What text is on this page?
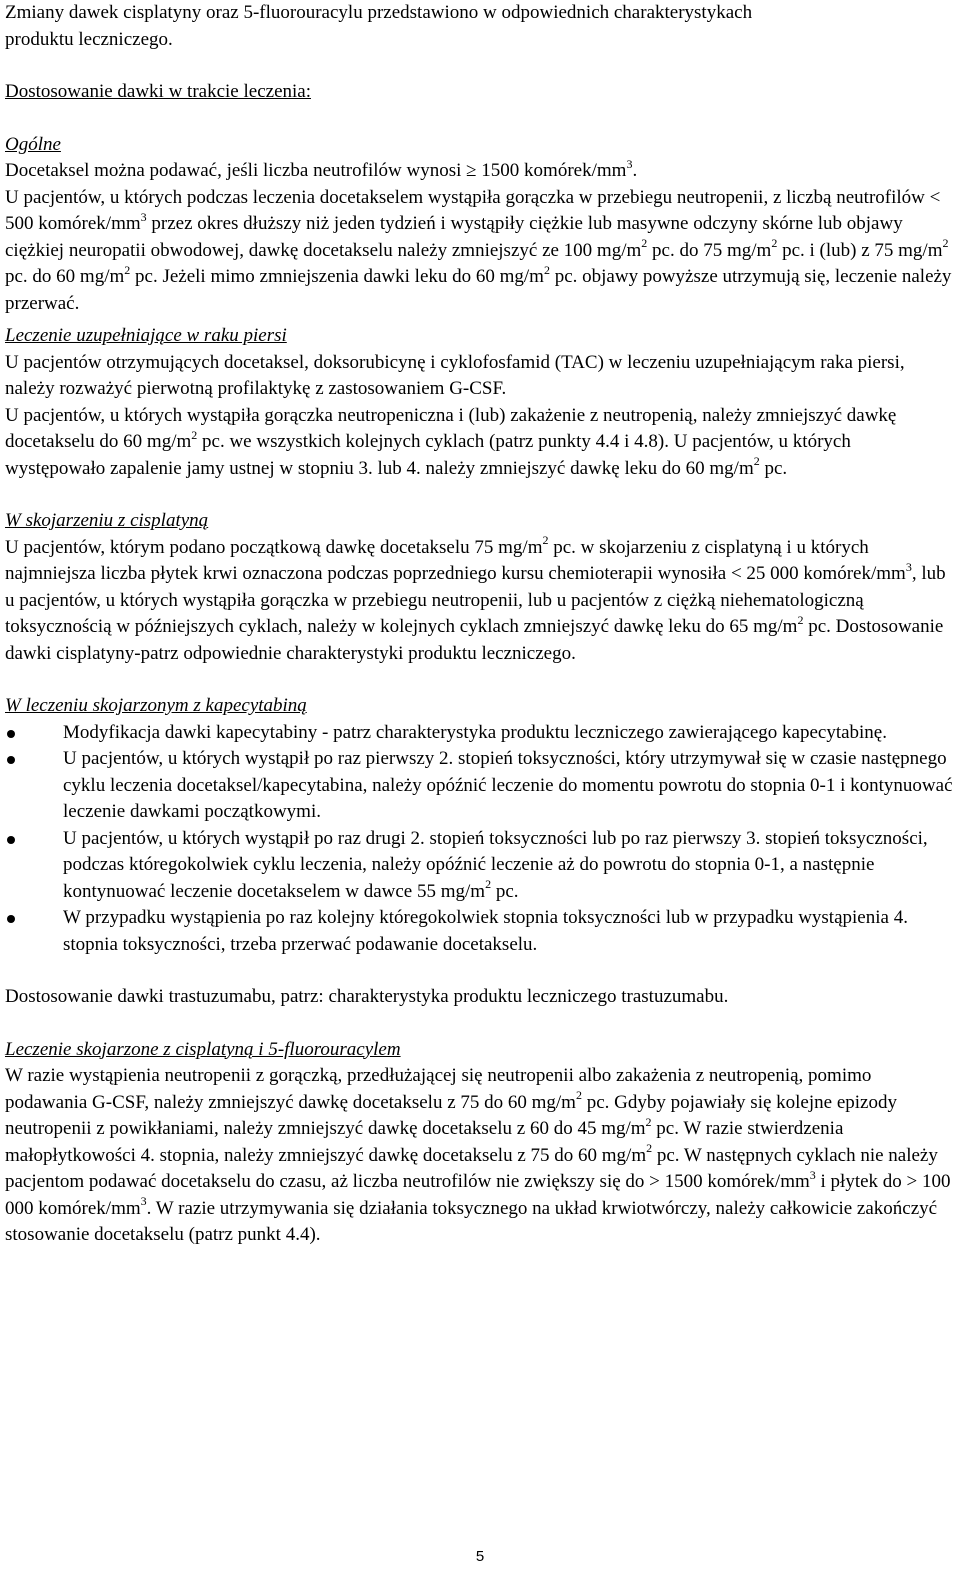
Zmiany dawek cisplatyny oraz 5-fluorouracylu przedstawiono w odpowiednich charakterystykach
produktu leczniczego.

Dostosowanie dawki w trakcie leczenia:

Ogólne

Docetaksel można podawać, jeśli liczba neutrofilów wynosi ≥ 1500 komórek/$mm^3$.

U pacjentów, u których podczas leczenia docetakselem wystąpiła gorączka w przebiegu neutropenii, z liczbą neutrofilów < 500 komórek/$mm^3$ przez okres dłuższy niż jeden tydzień i wystąpiły ciężkie lub masywne odczyny skórne lub objawy ciężkiej neuropatii obwodowej, dawkę docetakselu należy zmniejszyć ze 100 $mg/m^2$ pc. do 75 $mg/m^2$ pc. i (lub) z 75 $mg/m^2$ pc. do 60 $mg/m^2$ pc. Jeżeli mimo zmniejszenia dawki leku do 60 $mg/m^2$ pc. objawy powyższe utrzymują się, leczenie należy przerwać.

Leczenie uzupełniające w raku piersi

U pacjentów otrzymujących docetaksel, doksorubicynę i cyklofosfamid (TAC) w leczeniu uzupełniającym raka piersi, należy rozważyć pierwotną profilaktykę z zastosowaniem G-CSF.

U pacjentów, u których wystąpiła gorączka neutropeniczna i (lub) zakażenie z neutropenią, należy zmniejszyć dawkę docetakselu do 60 $mg/m^2$ pc. we wszystkich kolejnych cyklach (patrz punkty 4.4 i 4.8). U pacjentów, u których występowało zapalenie jamy ustnej w stopniu 3. lub 4. należy zmniejszyć dawkę leku do 60 $mg/m^2$ pc.

W skojarzeniu z cisplatyną

U pacjentów, którym podano początkową dawkę docetakselu 75 $mg/m^2$ pc. w skojarzeniu z cisplatyną i u których najmniejsza liczba płytek krwi oznaczona podczas poprzedniego kursu chemioterapii wynosiła < 25 000 komórek/$mm^3$, lub u pacjentów, u których wystąpiła gorączka w przebiegu neutropenii, lub u pacjentów z ciężką niehematologiczną toksycznością w późniejszych cyklach, należy w kolejnych cyklach zmniejszyć dawkę leku do 65 $mg/m^2$ pc. Dostosowanie dawki cisplatyny-patrz odpowiednie charakterystyki produktu leczniczego.

W leczeniu skojarzonym z kapecytabiną

Modyfikacja dawki kapecytabiny - patrz charakterystyka produktu leczniczego zawierającego kapecytabinę.
U pacjentów, u których wystąpił po raz pierwszy 2. stopień toksyczności, który utrzymywał się w czasie następnego cyklu leczenia docetaksel/kapecytabina, należy opóźnić leczenie do momentu powrotu do stopnia 0-1 i kontynuować leczenie dawkami początkowymi.
U pacjentów, u których wystąpił po raz drugi 2. stopień toksyczności lub po raz pierwszy 3. stopień toksyczności, podczas któregokolwiek cyklu leczenia, należy opóźnić leczenie aż do powrotu do stopnia 0-1, a następnie kontynuować leczenie docetakselem w dawce 55 $mg/m^2$ pc.
W przypadku wystąpienia po raz kolejny któregokolwiek stopnia toksyczności lub w przypadku wystąpienia 4. stopnia toksyczności, trzeba przerwać podawanie docetakselu.

Dostosowanie dawki trastuzumabu, patrz: charakterystyka produktu leczniczego trastuzumabu.

Leczenie skojarzone z cisplatyną i 5-fluorouracylem

W razie wystąpienia neutropenii z gorączką, przedłużającej się neutropenii albo zakażenia z neutropenią, pomimo podawania G-CSF, należy zmniejszyć dawkę docetakselu z 75 do 60 $mg/m^2$ pc. Gdyby pojawiały się kolejne epizody neutropenii z powikłaniami, należy zmniejszyć dawkę docetakselu z 60 do 45 $mg/m^2$ pc. W razie stwierdzenia małopłytkowości 4. stopnia, należy zmniejszyć dawkę docetakselu z 75 do 60 $mg/m^2$ pc. W następnych cyklach nie należy pacjentom podawać docetakselu do czasu, aż liczba neutrofilów nie zwiększy się do > 1500 komórek/$mm^3$ i płytek do > 100 000 komórek/$mm^3$. W razie utrzymywania się działania toksycznego na układ krwiotwórczy, należy całkowicie zakończyć stosowanie docetakselu (patrz punkt 4.4).

5
